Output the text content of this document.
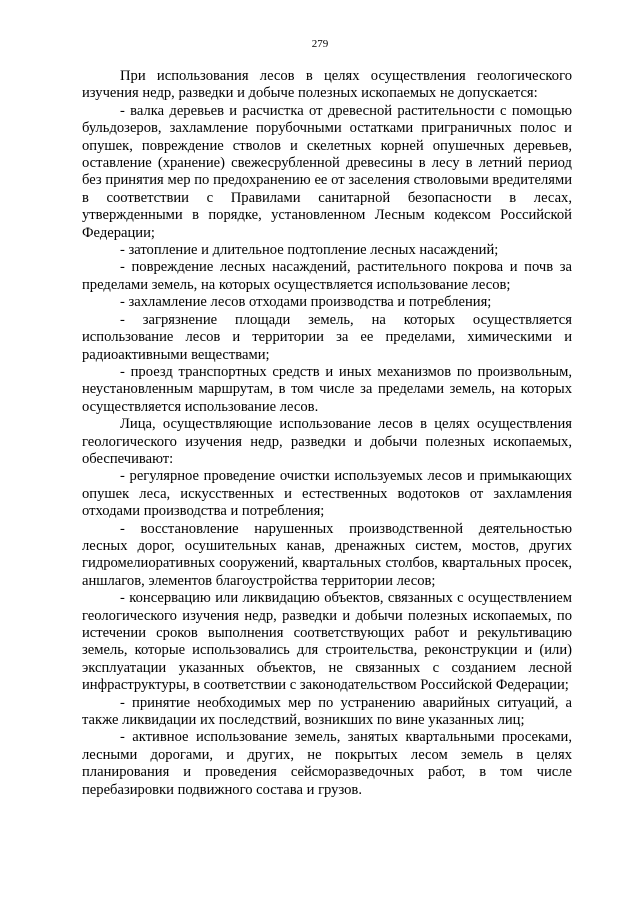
279

При использования лесов в целях осуществления геологического изучения недр, разведки и добыче полезных ископаемых не допускается:

- валка деревьев и расчистка от древесной растительности с помощью бульдозеров, захламление порубочными остатками приграничных полос и опушек, повреждение стволов и скелетных корней опушечных деревьев, оставление (хранение) свежесрубленной древесины в лесу в летний период без принятия мер по предохранению ее от заселения стволовыми вредителями в соответствии с Правилами санитарной безопасности в лесах, утвержденными в порядке, установленном Лесным кодексом Российской Федерации;

- затопление и длительное подтопление лесных насаждений;

- повреждение лесных насаждений, растительного покрова и почв за пределами земель, на которых осуществляется использование лесов;

- захламление лесов отходами производства и потребления;

- загрязнение площади земель, на которых осуществляется использование лесов и территории за ее пределами, химическими и радиоактивными веществами;

- проезд транспортных средств и иных механизмов по произвольным, неустановленным маршрутам, в том числе за пределами земель, на которых осуществляется использование лесов.

Лица, осуществляющие использование лесов в целях осуществления геологического изучения недр, разведки и добычи полезных ископаемых, обеспечивают:

- регулярное проведение очистки используемых лесов и примыкающих опушек леса, искусственных и естественных водотоков от захламления отходами производства и потребления;

- восстановление нарушенных производственной деятельностью лесных дорог, осушительных канав, дренажных систем, мостов, других гидромелиоративных сооружений, квартальных столбов, квартальных просек, аншлагов, элементов благоустройства территории лесов;

- консервацию или ликвидацию объектов, связанных с осуществлением геологического изучения недр, разведки и добычи полезных ископаемых, по истечении сроков выполнения соответствующих работ и рекультивацию земель, которые использовались для строительства, реконструкции и (или) эксплуатации указанных объектов, не связанных с созданием лесной инфраструктуры, в соответствии с законодательством Российской Федерации;

- принятие необходимых мер по устранению аварийных ситуаций, а также ликвидации их последствий, возникших по вине указанных лиц;

- активное использование земель, занятых квартальными просеками, лесными дорогами, и других, не покрытых лесом земель в целях планирования и проведения сейсморазведочных работ, в том числе перебазировки подвижного состава и грузов.
